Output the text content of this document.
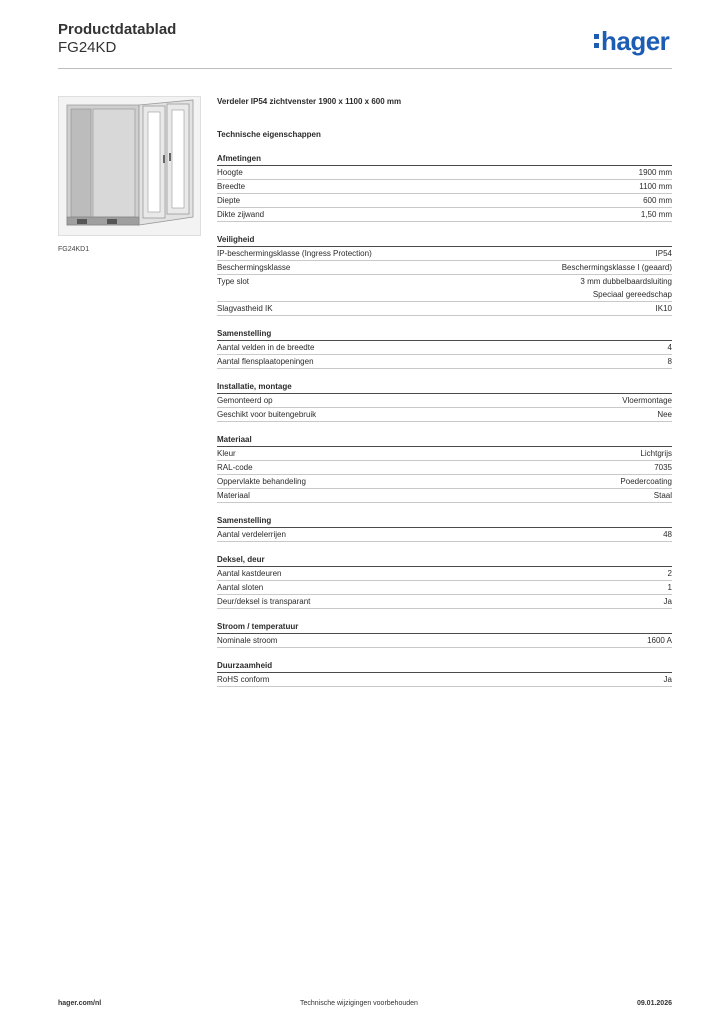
Productdatablad
FG24KD	hager
FG24KD1
Verdeler IP54 zichtvenster 1900 x 1100 x 600 mm
Technische eigenschappen
Afmetingen
Hoogte	1900 mm
Breedte	1100 mm
Diepte	600 mm
Dikte zijwand	1,50 mm
Veiligheid
IP-beschermingsklasse (Ingress Protection)	IP54
Beschermingsklasse	Beschermingsklasse I (geaard)
Type slot	3 mm dubbelbaardsluiting
Speciaal gereedschap
Slagvastheid IK	IK10
Samenstelling
Aantal velden in de breedte	4
Aantal flensplaatopeningen	8
Installatie, montage
Gemonteerd op	Vloermontage
Geschikt voor buitengebruik	Nee
Materiaal
Kleur	Lichtgrijs
RAL-code	7035
Oppervlakte behandeling	Poedercoating
Materiaal	Staal
Samenstelling
Aantal verdelerrijen	48
Deksel, deur
Aantal kastdeuren	2
Aantal sloten	1
Deur/deksel is transparant	Ja
Stroom / temperatuur
Nominale stroom	1600 A
Duurzaamheid
RoHS conform	Ja
hager.com/nl	Technische wijzigingen voorbehouden	09.01.2026
